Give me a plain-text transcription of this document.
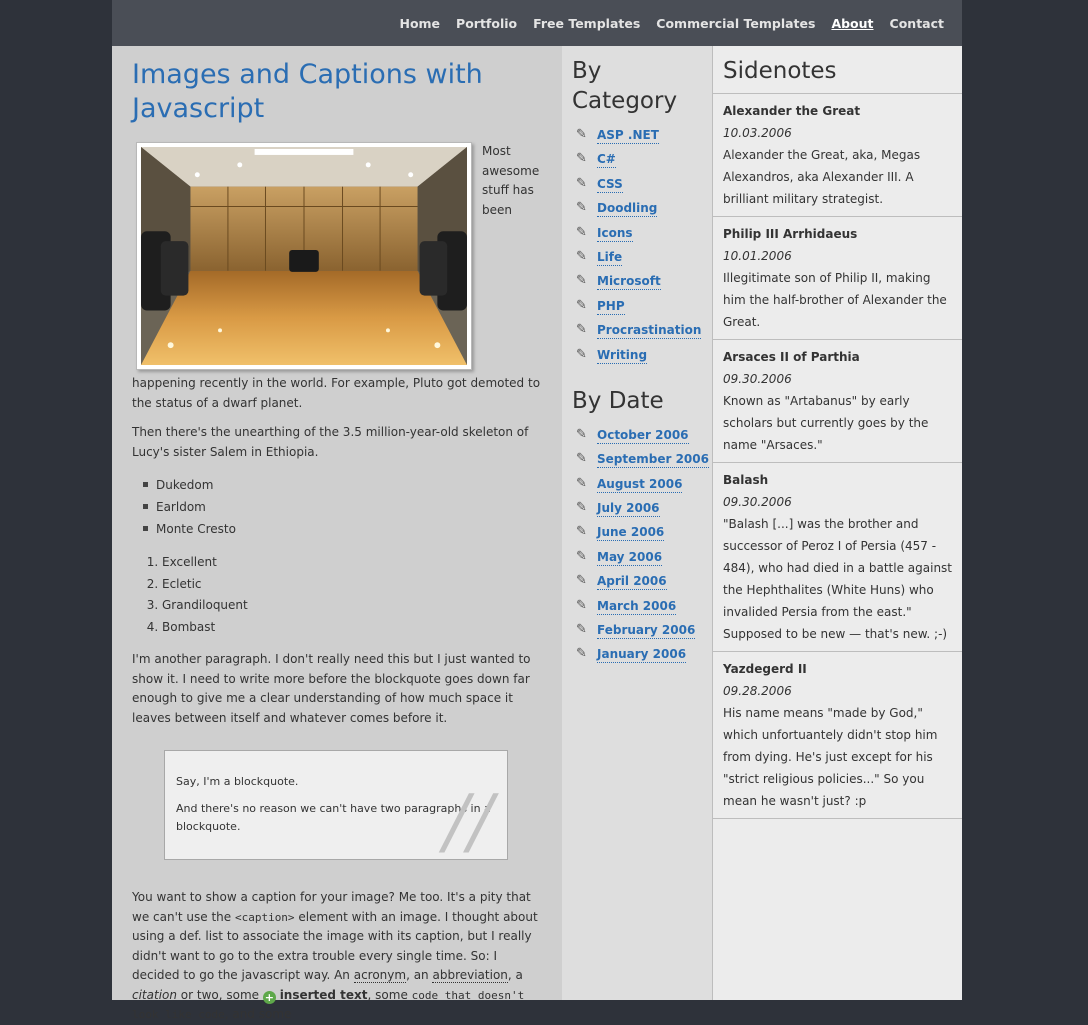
Home Portfolio Free Templates Commercial Templates About Contact
Images and Captions with Javascript

Most awesome stuff has been happening recently in the world. For example, Pluto got demoted to the status of a dwarf planet.

Then there's the unearthing of the 3.5 million-year-old skeleton of Lucy's sister Salem in Ethiopia.

Dukedom
Earldom
Monte Cresto
1. Excellent
2. Ecletic
3. Grandiloquent
4. Bombast

I'm another paragraph. I don't really need this but I just wanted to show it. I need to write more before the blockquote goes down far enough to give me a clear understanding of how much space it leaves between itself and whatever comes before it.

Say, I'm a blockquote.

And there's no reason we can't have two paragraphs in a blockquote.	//

You want to show a caption for your image? Me too. It's a pity that we can't use the <caption> element with an image. I thought about using a def. list to associate the image with its caption, but I really didn't want to go to the extra trouble every single time. So: I decided to go the javascript way. An acronym, an abbreviation, a citation or two, some + inserted text, some code that doesn't look like code, and some

By Category
✎ ASP .NET
✎ C#
✎ CSS
✎ Doodling
✎ Icons
✎ Life
✎ Microsoft
✎ PHP
✎ Procrastination
✎ Writing
By Date
✎ October 2006
✎ September 2006
✎ August 2006
✎ July 2006
✎ June 2006
✎ May 2006
✎ April 2006
✎ March 2006
✎ February 2006
✎ January 2006
Sidenotes
Alexander the Great
10.03.2006
Alexander the Great, aka, Megas Alexandros, aka Alexander III. A brilliant military strategist.
Philip III Arrhidaeus
10.01.2006
Illegitimate son of Philip II, making him the half-brother of Alexander the Great.
Arsaces II of Parthia
09.30.2006
Known as "Artabanus" by early scholars but currently goes by the name "Arsaces."
Balash
09.30.2006
"Balash [...] was the brother and successor of Peroz I of Persia (457 - 484), who had died in a battle against the Hephthalites (White Huns) who invalided Persia from the east." Supposed to be new — that's new. ;-)
Yazdegerd II
09.28.2006
His name means "made by God," which unfortuantely didn't stop him from dying. He's just except for his "strict religious policies..." So you mean he wasn't just? :p
